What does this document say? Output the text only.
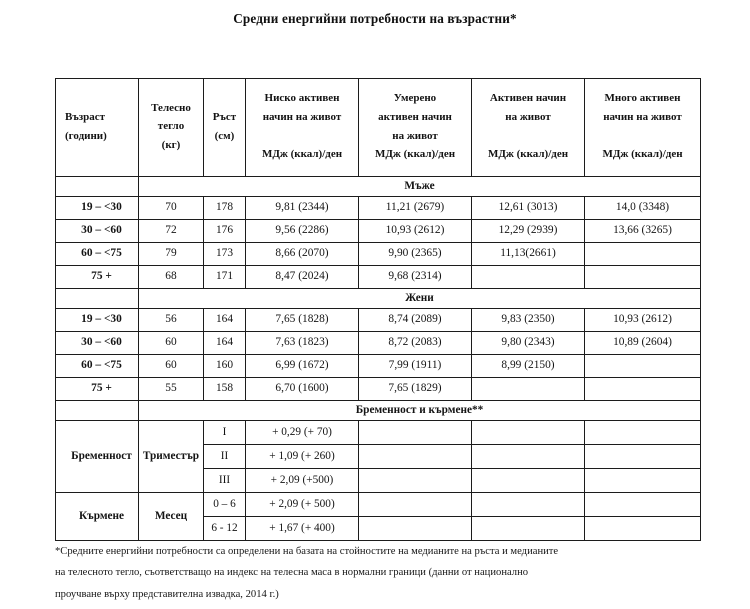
Средни енергийни потребности на възрастни*
Възраст
(години)	Телесно
тегло
(кг)	Ръст
(см)	Ниско активен
начин на живот

МДж (ккал)/ден	Умерено
активен начин
на живот
МДж (ккал)/ден	Активен начин
на живот

МДж (ккал)/ден	Много активен
начин на живот

МДж (ккал)/ден

	Мъже					
19 – <30	70	178	9,81 (2344)	11,21 (2679)	12,61 (3013)	14,0 (3348)
30 – <60	72	176	9,56 (2286)	10,93 (2612)	12,29 (2939)	13,66 (3265)
60 – <75	79	173	8,66 (2070)	9,90 (2365)	11,13(2661)	
75 +	68	171	8,47 (2024)	9,68 (2314)		
	Жени					
19 – <30	56	164	7,65 (1828)	8,74 (2089)	9,83 (2350)	10,93 (2612)
30 – <60	60	164	7,63 (1823)	8,72 (2083)	9,80 (2343)	10,89 (2604)
60 – <75	60	160	6,99 (1672)	7,99 (1911)	8,99 (2150)	
75 +	55	158	6,70 (1600)	7,65 (1829)		
	Бременност и кърмене**					
Бременност	Триместър	I	+ 0,29 (+ 70)			
		II	+ 1,09 (+ 260)			
		III	+ 2,09 (+500)			
Кърмене	Месец	0 – 6	+ 2,09 (+ 500)			
		6 - 12	+ 1,67 (+ 400)			
*Средните енергийни потребности са определени на базата на стойностите на медианите на ръста и медианите
на телесното тегло, съответстващо на индекс на телесна маса в нормални граници (данни от национално
проучване върху представителна извадка, 2014 г.)
